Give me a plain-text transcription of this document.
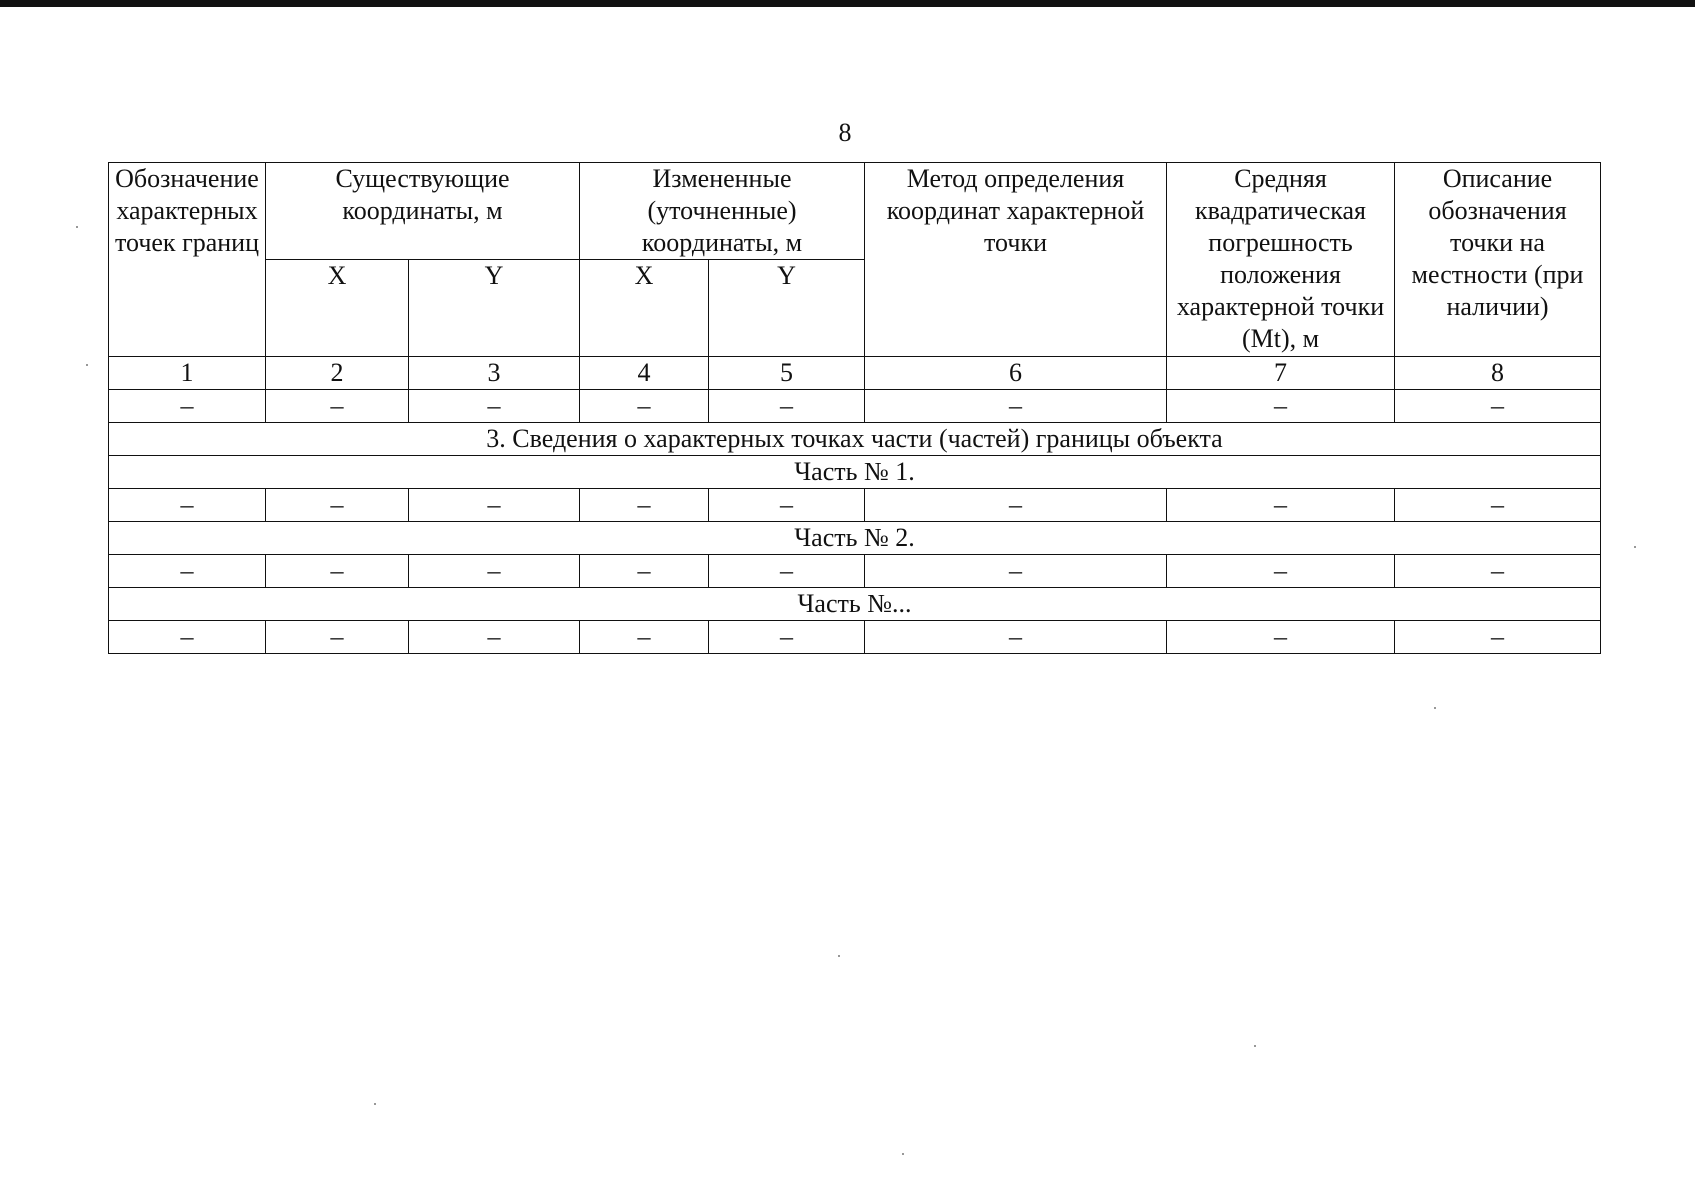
8
Обозначение характерных точек границ	Существующие координаты, м		Измененные (уточненные) координаты, м		Метод определения координат характерной точки	Средняя квадратическая погрешность положения характерной точки (Mt), м	Описание обозначения точки на местности (при наличии)
	X	Y	X	Y			
1	2	3	4	5	6	7	8
–	–	–	–	–	–	–	–
3. Сведения о характерных точках части (частей) границы объекта							
Часть № 1.							
–	–	–	–	–	–	–	–
Часть № 2.							
–	–	–	–	–	–	–	–
Часть №...							
–	–	–	–	–	–	–	–
